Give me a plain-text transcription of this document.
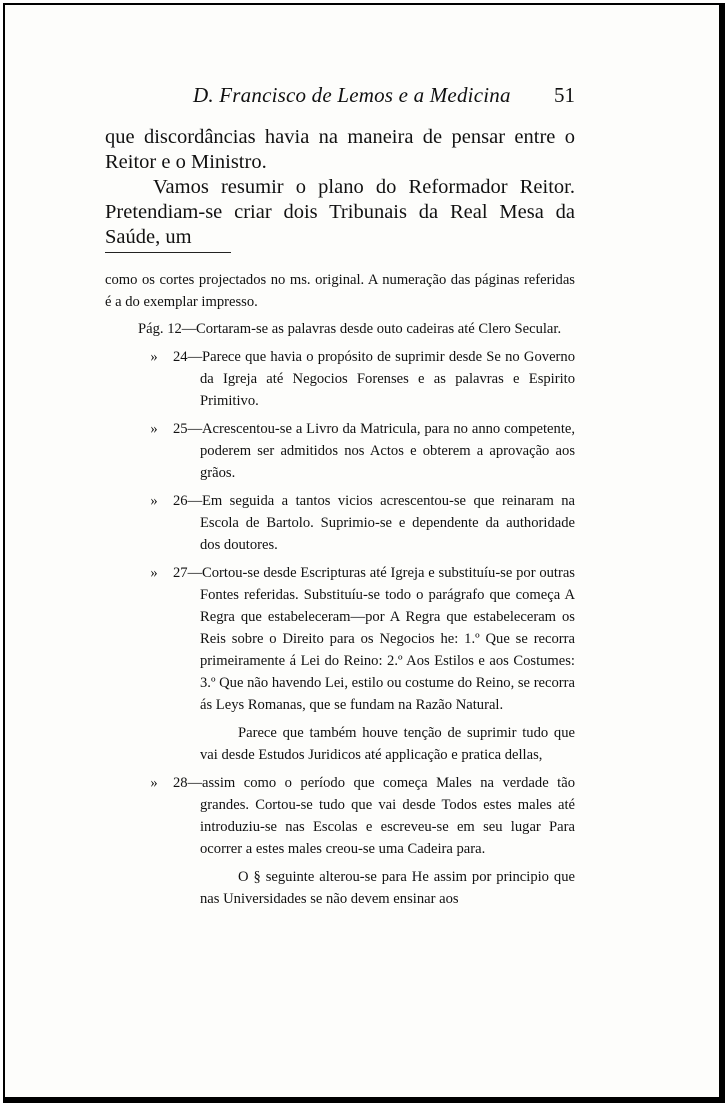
D. Francisco de Lemos e a Medicina 51

que discordâncias havia na maneira de pensar entre o Reitor e o Ministro.

Vamos resumir o plano do Reformador Reitor. Pretendiam-se criar dois Tribunais da Real Mesa da Saúde, um

como os cortes projectados no ms. original. A numeração das páginas referidas é a do exemplar impresso.

Pág. 12— Cortaram-se as palavras desde outo cadeiras até Clero Secular.
» 24— Parece que havia o propósito de suprimir desde Se no Governo da Igreja até Negocios Forenses e as palavras e Espirito Primitivo.
» 25— Acrescentou-se a Livro da Matricula, para no anno competente, poderem ser admitidos nos Actos e obterem a aprovação aos grãos.
» 26— Em seguida a tantos vicios acrescentou-se que reinaram na Escola de Bartolo. Suprimio-se e dependente da authoridade dos doutores.
» 27— Cortou-se desde Escripturas até Igreja e substituíu-se por outras Fontes referidas. Substituíu-se todo o parágrafo que começa A Regra que estabeleceram—por A Regra que estabeleceram os Reis sobre o Direito para os Negocios he: 1.º Que se recorra primeiramente á Lei do Reino: 2.º Aos Estilos e aos Costumes: 3.º Que não havendo Lei, estilo ou costume do Reino, se recorra ás Leys Romanas, que se fundam na Razão Natural.

Parece que também houve tenção de suprimir tudo que vai desde Estudos Juridicos até applicação e pratica dellas,

» 28— assim como o período que começa Males na verdade tão grandes. Cortou-se tudo que vai desde Todos estes males até introduziu-se nas Escolas e escreveu-se em seu lugar Para ocorrer a estes males creou-se uma Cadeira para.

O § seguinte alterou-se para He assim por principio que nas Universidades se não devem ensinar aos
